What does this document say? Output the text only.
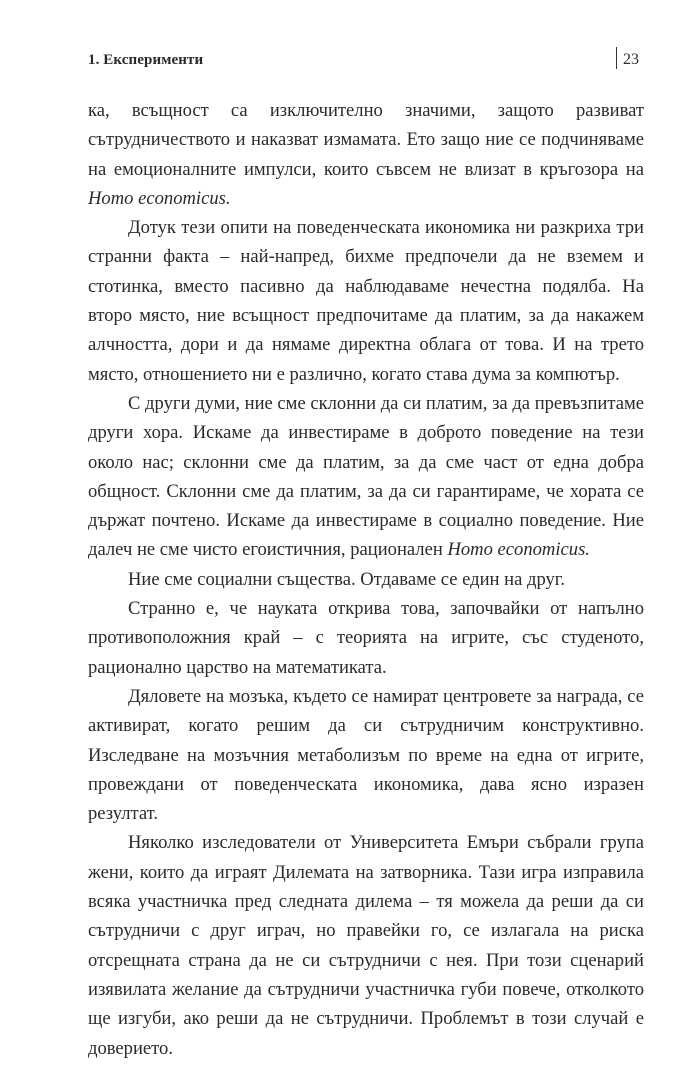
1. Експерименти	23

ка, всъщност са изключително значими, защото развиват сътрудничеството и наказват измамата. Ето защо ние се подчиняваме на емоционалните импулси, които съвсем не влизат в кръгозора на Homo economicus.

Дотук тези опити на поведенческата икономика ни разкриха три странни факта – най-напред, бихме предпочели да не вземем и стотинка, вместо пасивно да наблюдаваме нечестна подялба. На второ място, ние всъщност предпочитаме да платим, за да накажем алчността, дори и да нямаме директна облага от това. И на трето място, отношението ни е различно, когато става дума за компютър.

С други думи, ние сме склонни да си платим, за да превъзпитаме други хора. Искаме да инвестираме в доброто поведение на тези около нас; склонни сме да платим, за да сме част от една добра общност. Склонни сме да платим, за да си гарантираме, че хората се държат почтено. Искаме да инвестираме в социално поведение. Ние далеч не сме чисто егоистичния, рационален Homo economicus.

Ние сме социални същества. Отдаваме се един на друг.

Странно е, че науката открива това, започвайки от напълно противоположния край – с теорията на игрите, със студеното, рационално царство на математиката.

Дяловете на мозъка, където се намират центровете за награда, се активират, когато решим да си сътрудничим конструктивно. Изследване на мозъчния метаболизъм по време на една от игрите, провеждани от поведенческата икономика, дава ясно изразен резултат.

Няколко изследователи от Университета Емъри събрали група жени, които да играят Дилемата на затворника. Тази игра изправила всяка участничка пред следната дилема – тя можела да реши да си сътрудничи с друг играч, но правейки го, се излагала на риска отсрещната страна да не си сътрудничи с нея. При този сценарий изявилата желание да сътрудничи участничка губи повече, отколкото ще изгуби, ако реши да не сътрудничи. Проблемът в този случай е доверието.
